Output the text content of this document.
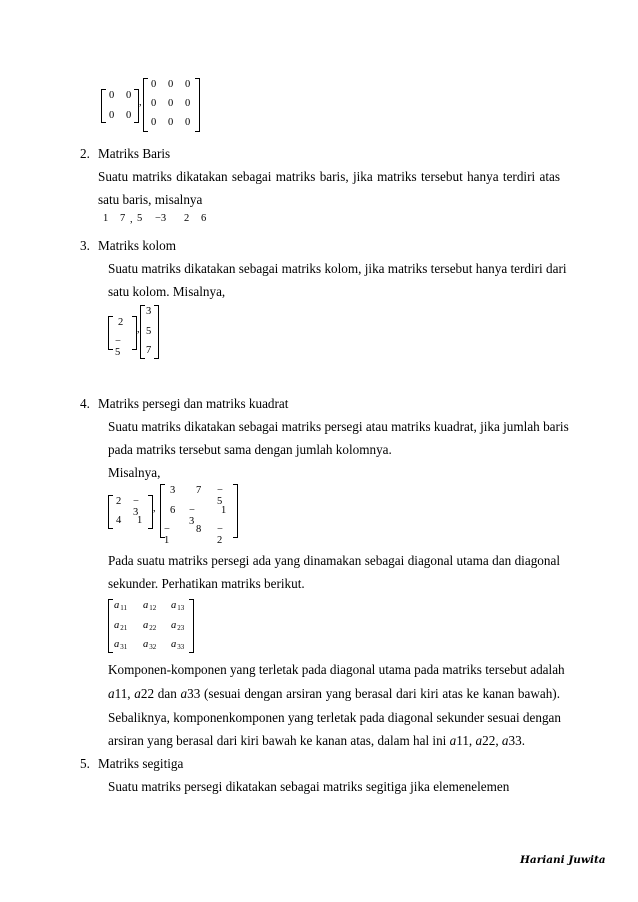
0 0
0 0
,
0 0 0
0 0 0
0 0 0
2. Matriks Baris
Suatu matriks dikatakan sebagai matriks baris, jika matriks tersebut hanya terdiri atas
satu baris, misalnya
1 7 , 5 −3 2 6
3. Matriks kolom
Suatu matriks dikatakan sebagai matriks kolom, jika matriks tersebut hanya terdiri dari
satu kolom. Misalnya,
2
− 5
,
3
5
7
4. Matriks persegi dan matriks kuadrat
Suatu matriks dikatakan sebagai matriks persegi atau matriks kuadrat, jika jumlah baris
pada matriks tersebut sama dengan jumlah kolomnya.
Misalnya,
2 − 3
4 1
,
3 7 − 5
6 − 3
1
− 1
8 − 2
Pada suatu matriks persegi ada yang dinamakan sebagai diagonal utama dan diagonal
sekunder. Perhatikan matriks berikut.
$a_{11}$ $a_{12}$ $a_{13}$
$a_{21}$ $a_{22}$ $a_{23}$
$a_{31}$ $a_{32}$ $a_{33}$
Komponen-komponen yang terletak pada diagonal utama pada matriks tersebut adalah
a11, a22 dan a33 (sesuai dengan arsiran yang berasal dari kiri atas ke kanan bawah).
Sebaliknya, komponenkomponen yang terletak pada diagonal sekunder sesuai dengan
arsiran yang berasal dari kiri bawah ke kanan atas, dalam hal ini a11, a22, a33.
5. Matriks segitiga
Suatu matriks persegi dikatakan sebagai matriks segitiga jika elemenelemen
Hariani Juwita
